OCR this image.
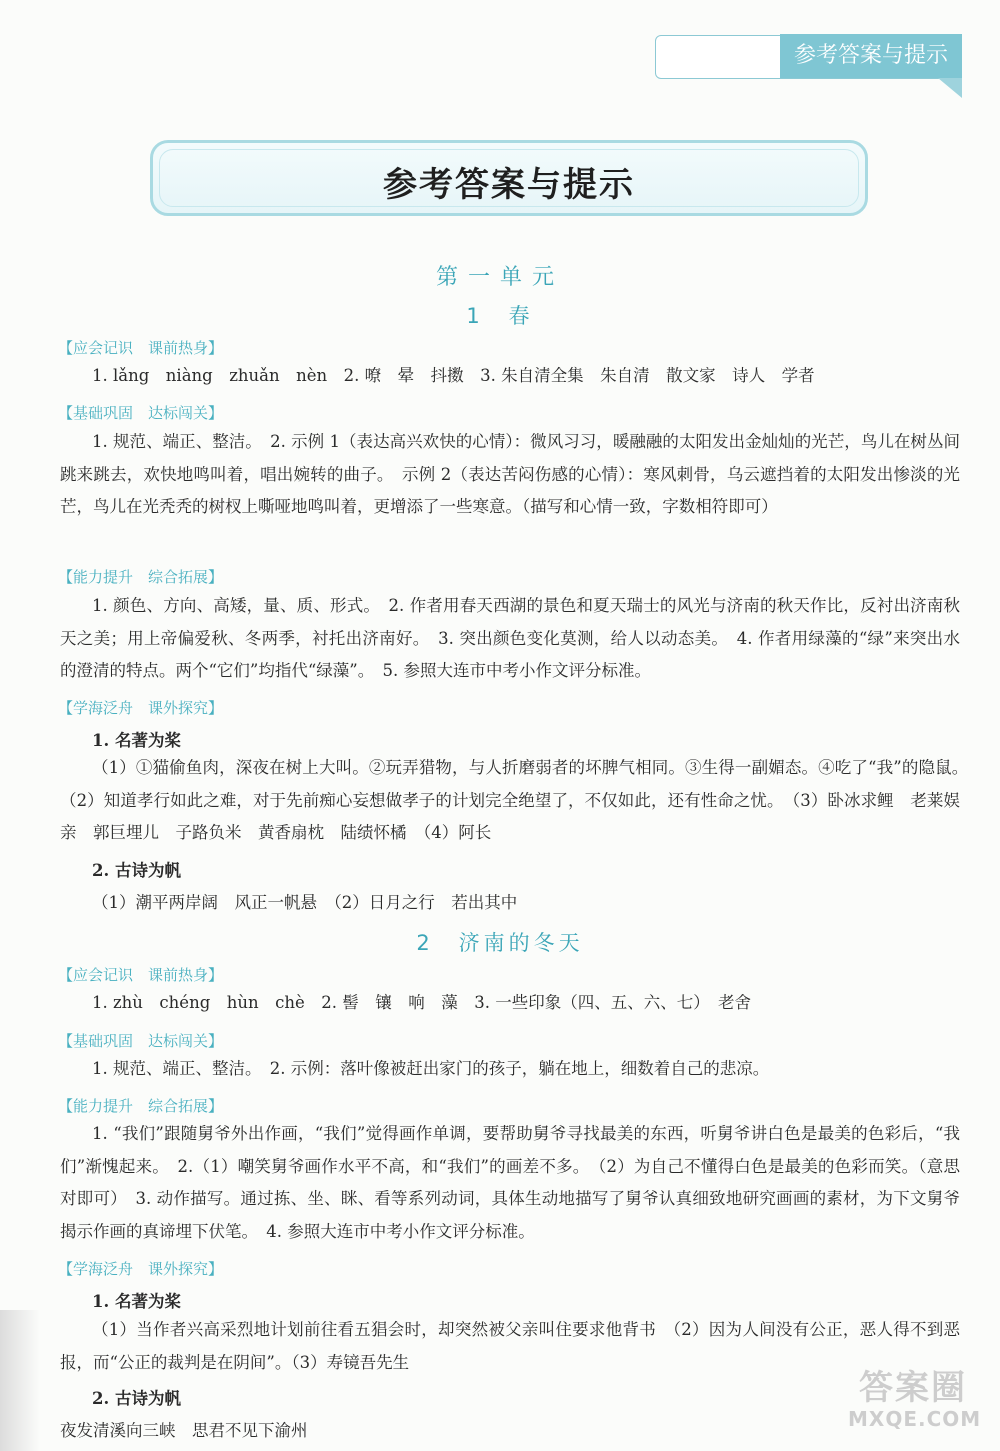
参考答案与提示
参考答案与提示
第一单元
1　春
【应会记识　课前热身】

1. lǎng　niàng　zhuǎn　nèn　2. 嘹　晕　抖擞　3. 朱自清全集　朱自清　散文家　诗人　学者

【基础巩固　达标闯关】

1. 规范、端正、整洁。　2. 示例 1（表达高兴欢快的心情）：微风习习，暖融融的太阳发出金灿灿的光芒，鸟儿在树丛间跳来跳去，欢快地鸣叫着，唱出婉转的曲子。　示例 2（表达苦闷伤感的心情）：寒风刺骨，乌云遮挡着的太阳发出惨淡的光芒，鸟儿在光秃秃的树杈上嘶哑地鸣叫着，更增添了一些寒意。（描写和心情一致，字数相符即可）

【能力提升　综合拓展】

1. 颜色、方向、高矮，量、质、形式。　2. 作者用春天西湖的景色和夏天瑞士的风光与济南的秋天作比，反衬出济南秋天之美；用上帝偏爱秋、冬两季，衬托出济南好。　3. 突出颜色变化莫测，给人以动态美。　4. 作者用绿藻的“绿”来突出水的澄清的特点。两个“它们”均指代“绿藻”。　5. 参照大连市中考小作文评分标准。

【学海泛舟　课外探究】
1. 名著为桨

（1）①猫偷鱼肉，深夜在树上大叫。②玩弄猎物，与人折磨弱者的坏脾气相同。③生得一副媚态。④吃了“我”的隐鼠。　（2）知道孝行如此之难，对于先前痴心妄想做孝子的计划完全绝望了，不仅如此，还有性命之忧。　（3）卧冰求鲤　老莱娱亲　郭巨埋儿　子路负米　黄香扇枕　陆绩怀橘　（4）阿长

2. 古诗为帆
（1）潮平两岸阔　风正一帆悬　（2）日月之行　若出其中
2　济南的冬天
【应会记识　课前热身】

1. zhù　chéng　hùn　chè　2. 髻　镶　响　藻　3. 一些印象（四、五、六、七）　老舍

【基础巩固　达标闯关】

1. 规范、端正、整洁。　2. 示例：落叶像被赶出家门的孩子，躺在地上，细数着自己的悲凉。

【能力提升　综合拓展】

1. “我们”跟随舅爷外出作画，“我们”觉得画作单调，要帮助舅爷寻找最美的东西，听舅爷讲白色是最美的色彩后，“我们”渐愧起来。　2.（1）嘲笑舅爷画作水平不高，和“我们”的画差不多。　（2）为自己不懂得白色是最美的色彩而笑。（意思对即可）　3. 动作描写。通过拣、坐、眯、看等系列动词，具体生动地描写了舅爷认真细致地研究画画的素材，为下文舅爷揭示作画的真谛埋下伏笔。　4. 参照大连市中考小作文评分标准。

【学海泛舟　课外探究】
1. 名著为桨

（1）当作者兴高采烈地计划前往看五猖会时，却突然被父亲叫住要求他背书　（2）因为人间没有公正，恶人得不到恶报，而“公正的裁判是在阴间”。（3）寿镜吾先生

2. 古诗为帆
夜发清溪向三峡　思君不见下渝州
答案圈
MXQE.COM
